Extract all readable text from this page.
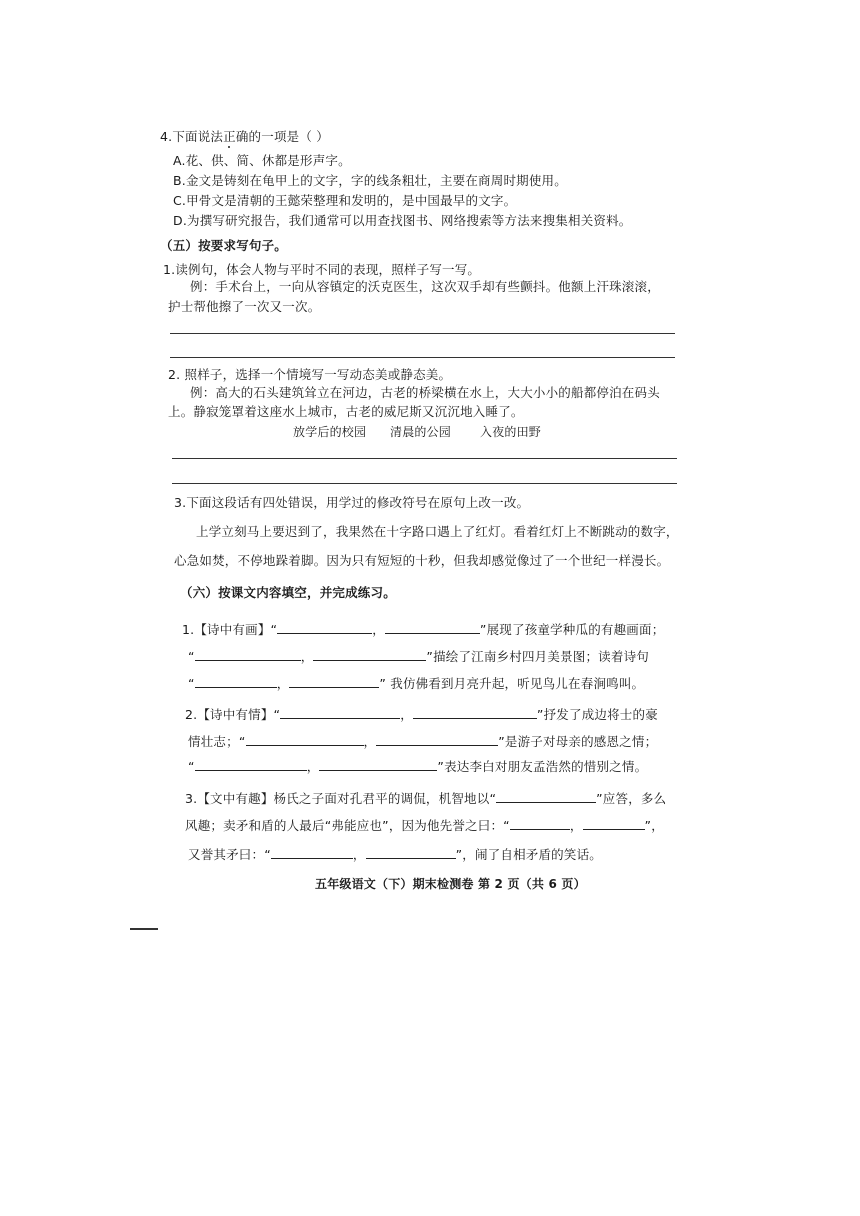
4.下面说法正确的一项是（ ）
A.花、供、简、休都是形声字。
B.金文是铸刻在龟甲上的文字，字的线条粗壮，主要在商周时期使用。
C.甲骨文是清朝的王懿荣整理和发明的，是中国最早的文字。
D.为撰写研究报告，我们通常可以用查找图书、网络搜索等方法来搜集相关资料。
（五）按要求写句子。
1.读例句，体会人物与平时不同的表现，照样子写一写。
例：手术台上，一向从容镇定的沃克医生，这次双手却有些颤抖。他额上汗珠滚滚，
护士帮他擦了一次又一次。
2. 照样子，选择一个情境写一写动态美或静态美。
例：高大的石头建筑耸立在河边，古老的桥梁横在水上，大大小小的船都停泊在码头
上。静寂笼罩着这座水上城市，古老的威尼斯又沉沉地入睡了。
放学后的校园 清晨的公园 入夜的田野
3.下面这段话有四处错误，用学过的修改符号在原句上改一改。
上学立刻马上要迟到了，我果然在十字路口遇上了红灯。看着红灯上不断跳动的数字，
心急如焚，不停地跺着脚。因为只有短短的十秒，但我却感觉像过了一个世纪一样漫长。
（六）按课文内容填空，并完成练习。
1.【诗中有画】“	，	”展现了孩童学种瓜的有趣画面；
“	，	”描绘了江南乡村四月美景图；读着诗句
“	，	” 我仿佛看到月亮升起，听见鸟儿在春涧鸣叫。
2.【诗中有情】“	，	”抒发了成边将士的豪
情壮志；“	，	”是游子对母亲的感恩之情；
“	，	”表达李白对朋友孟浩然的惜别之情。
3.【文中有趣】杨氏之子面对孔君平的调侃，机智地以“	”应答，多么
风趣；卖矛和盾的人最后“弗能应也”，因为他先誉之曰：“	，	”，
又誉其矛曰：“	，	”，闹了自相矛盾的笑话。
五年级语文（下）期末检测卷 第 2 页（共 6 页）
